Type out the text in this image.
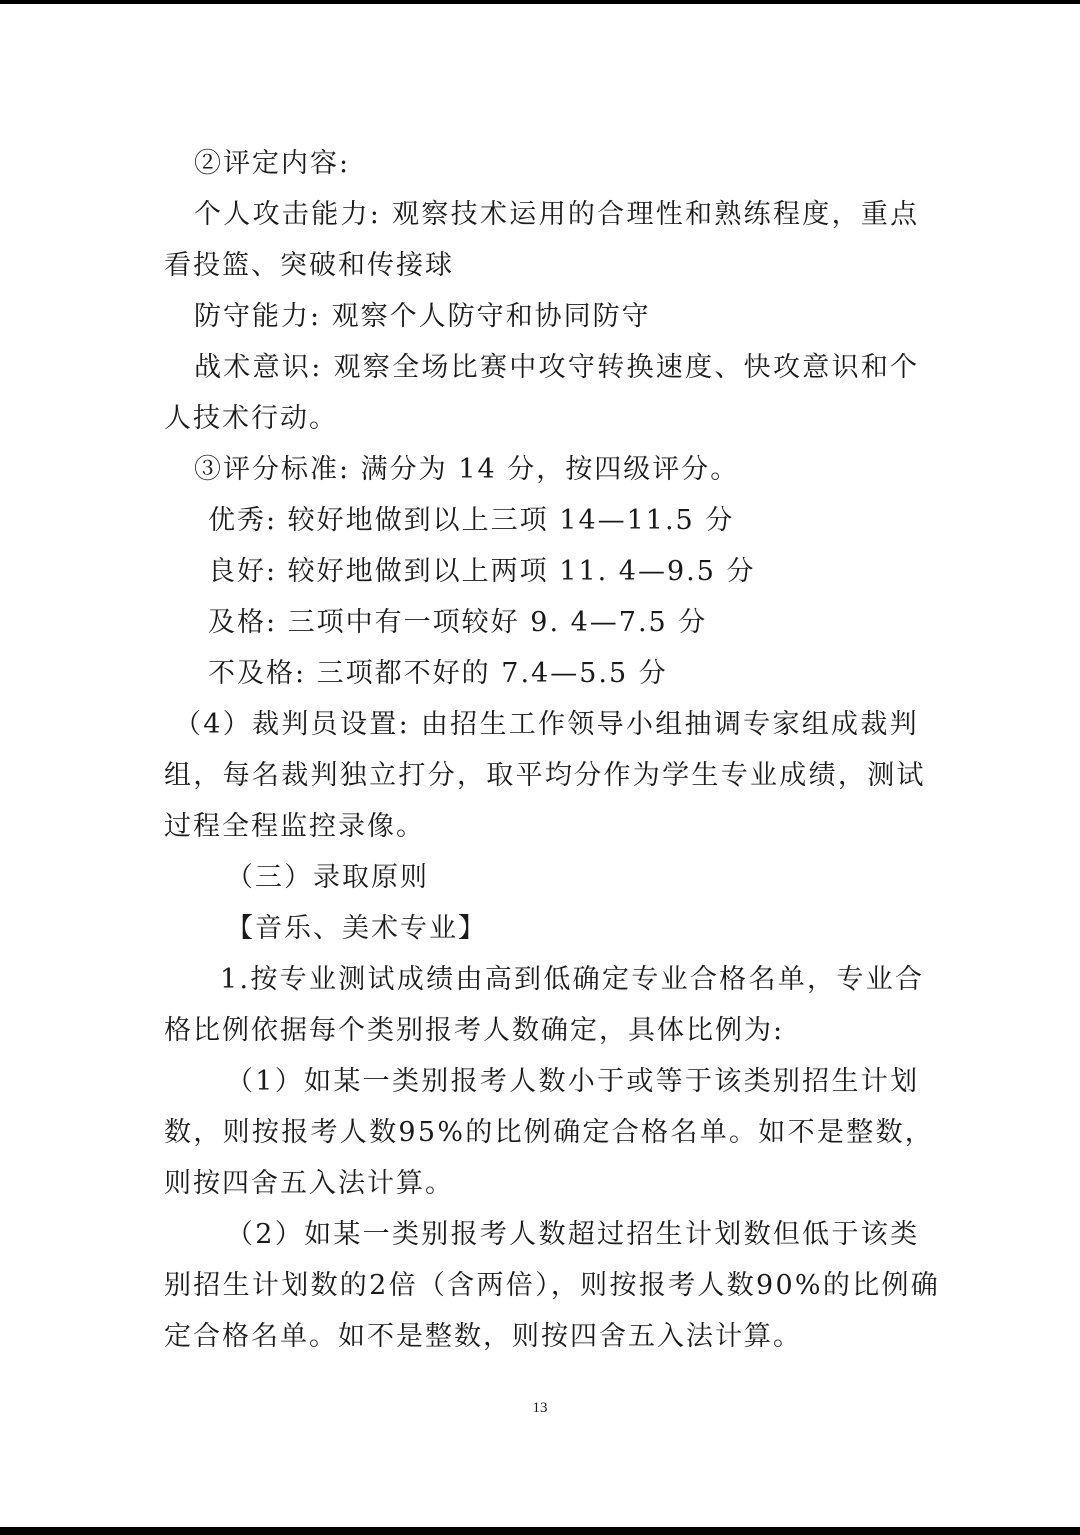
②评定内容:
个人攻击能力: 观察技术运用的合理性和熟练程度，重点
看投篮、突破和传接球
防守能力: 观察个人防守和协同防守
战术意识: 观察全场比赛中攻守转换速度、快攻意识和个
人技术行动。
③评分标准: 满分为 14 分，按四级评分。
优秀: 较好地做到以上三项 14—11.5 分
良好: 较好地做到以上两项 11. 4—9.5 分
及格: 三项中有一项较好 9. 4—7.5 分
不及格: 三项都不好的 7.4—5.5 分
（4）裁判员设置: 由招生工作领导小组抽调专家组成裁判
组，每名裁判独立打分，取平均分作为学生专业成绩，测试
过程全程监控录像。
（三）录取原则
【音乐、美术专业】
1.按专业测试成绩由高到低确定专业合格名单，专业合
格比例依据每个类别报考人数确定，具体比例为:
（1）如某一类别报考人数小于或等于该类别招生计划
数，则按报考人数95%的比例确定合格名单。如不是整数，
则按四舍五入法计算。
（2）如某一类别报考人数超过招生计划数但低于该类
别招生计划数的2倍（含两倍），则按报考人数90%的比例确
定合格名单。如不是整数，则按四舍五入法计算。
13
